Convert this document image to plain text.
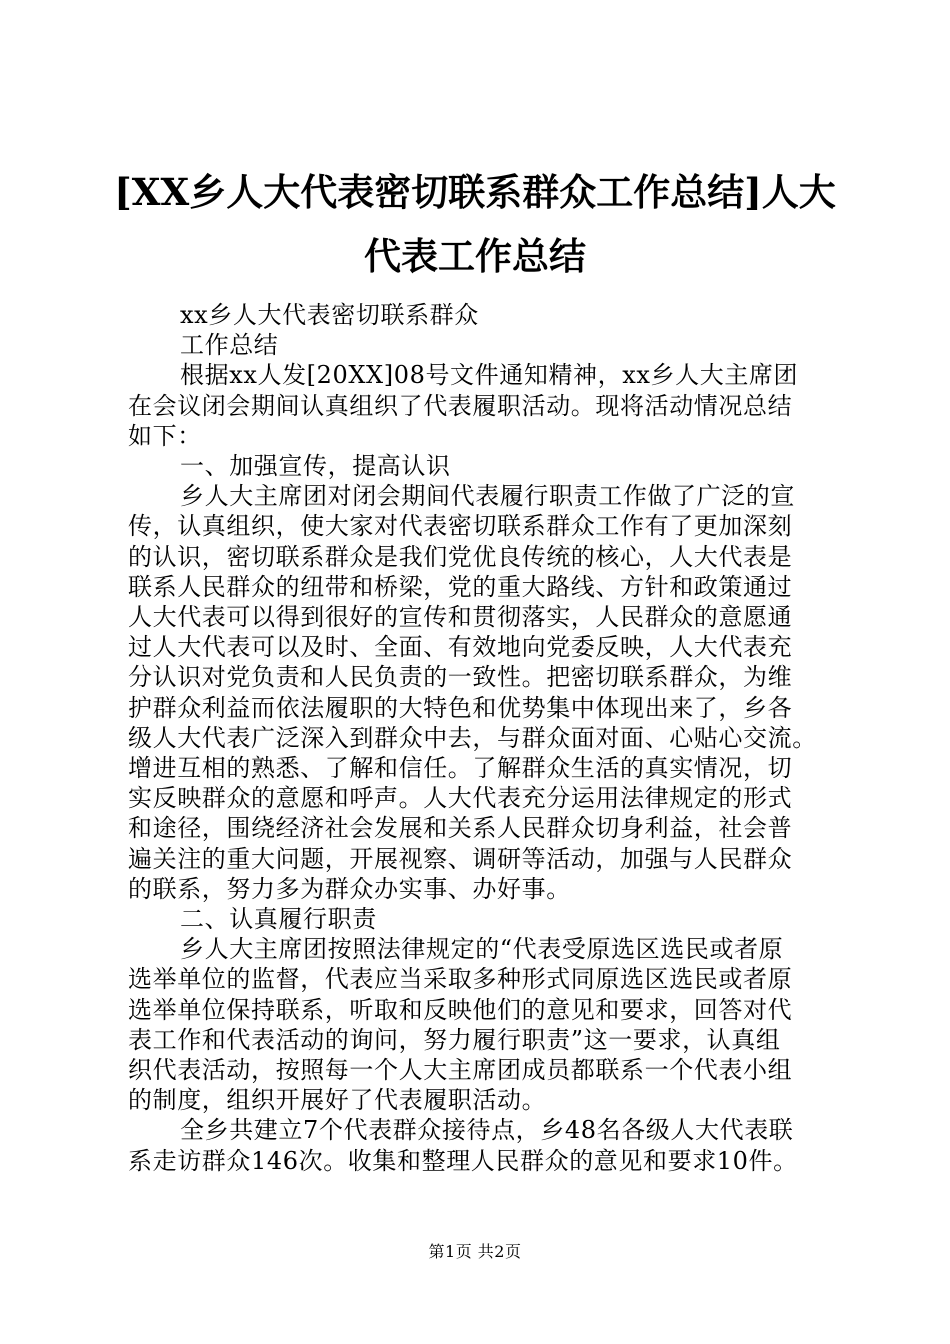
[XX乡人大代表密切联系群众工作总结]人大
代表工作总结
xx乡人大代表密切联系群众
工作总结
根据xx人发[20XX]08号文件通知精神，xx乡人大主席团
在会议闭会期间认真组织了代表履职活动。现将活动情况总结
如下：
一、加强宣传，提高认识
乡人大主席团对闭会期间代表履行职责工作做了广泛的宣
传，认真组织，使大家对代表密切联系群众工作有了更加深刻
的认识，密切联系群众是我们党优良传统的核心，人大代表是
联系人民群众的纽带和桥梁，党的重大路线、方针和政策通过
人大代表可以得到很好的宣传和贯彻落实，人民群众的意愿通
过人大代表可以及时、全面、有效地向党委反映，人大代表充
分认识对党负责和人民负责的一致性。把密切联系群众，为维
护群众利益而依法履职的大特色和优势集中体现出来了，乡各
级人大代表广泛深入到群众中去，与群众面对面、心贴心交流。
增进互相的熟悉、了解和信任。了解群众生活的真实情况，切
实反映群众的意愿和呼声。人大代表充分运用法律规定的形式
和途径，围绕经济社会发展和关系人民群众切身利益，社会普
遍关注的重大问题，开展视察、调研等活动，加强与人民群众
的联系，努力多为群众办实事、办好事。
二、认真履行职责
乡人大主席团按照法律规定的“代表受原选区选民或者原
选举单位的监督，代表应当采取多种形式同原选区选民或者原
选举单位保持联系，听取和反映他们的意见和要求，回答对代
表工作和代表活动的询问，努力履行职责”这一要求，认真组
织代表活动，按照每一个人大主席团成员都联系一个代表小组
的制度，组织开展好了代表履职活动。
全乡共建立7个代表群众接待点，乡48名各级人大代表联
系走访群众146次。收集和整理人民群众的意见和要求10件。
第1页 共2页
